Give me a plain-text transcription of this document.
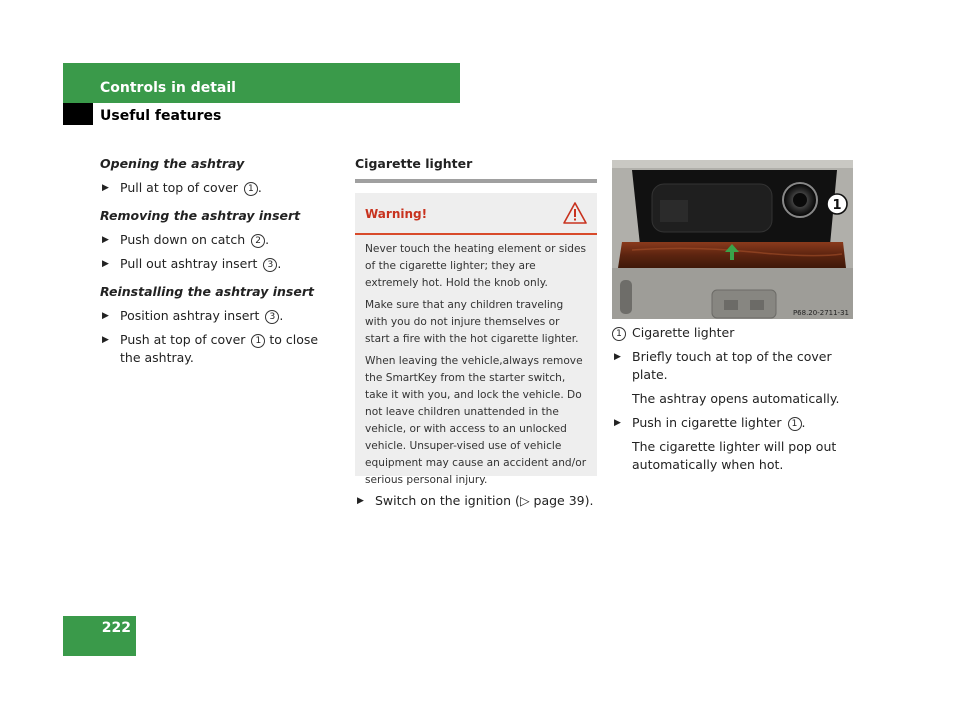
Controls in detail
Useful features

Opening the ashtray

▶ Pull at top of cover 1 .

Removing the ashtray insert

▶ Push down on catch 2 .

▶ Pull out ashtray insert 3 .

Reinstalling the ashtray insert

▶ Position ashtray insert 3 .

▶ Push at top of cover 1 to close the ashtray.

Cigarette lighter

Warning!

Never touch the heating element or sides of the cigarette lighter; they are extremely hot. Hold the knob only.

Make sure that any children traveling with you do not injure themselves or start a fire with the hot cigarette lighter.

When leaving the vehicle,always remove the SmartKey from the starter switch, take it with you, and lock the vehicle. Do not leave children unattended in the vehicle, or with access to an unlocked vehicle. Unsuper-vised use of vehicle equipment may cause an accident and/or serious personal injury.

▶ Switch on the ignition (▷ page 39).

1
P68.20-2711-31

1 Cigarette lighter

▶ Briefly touch at top of the cover plate.

The ashtray opens automatically.

▶ Push in cigarette lighter 1 .

The cigarette lighter will pop out automatically when hot.

222
